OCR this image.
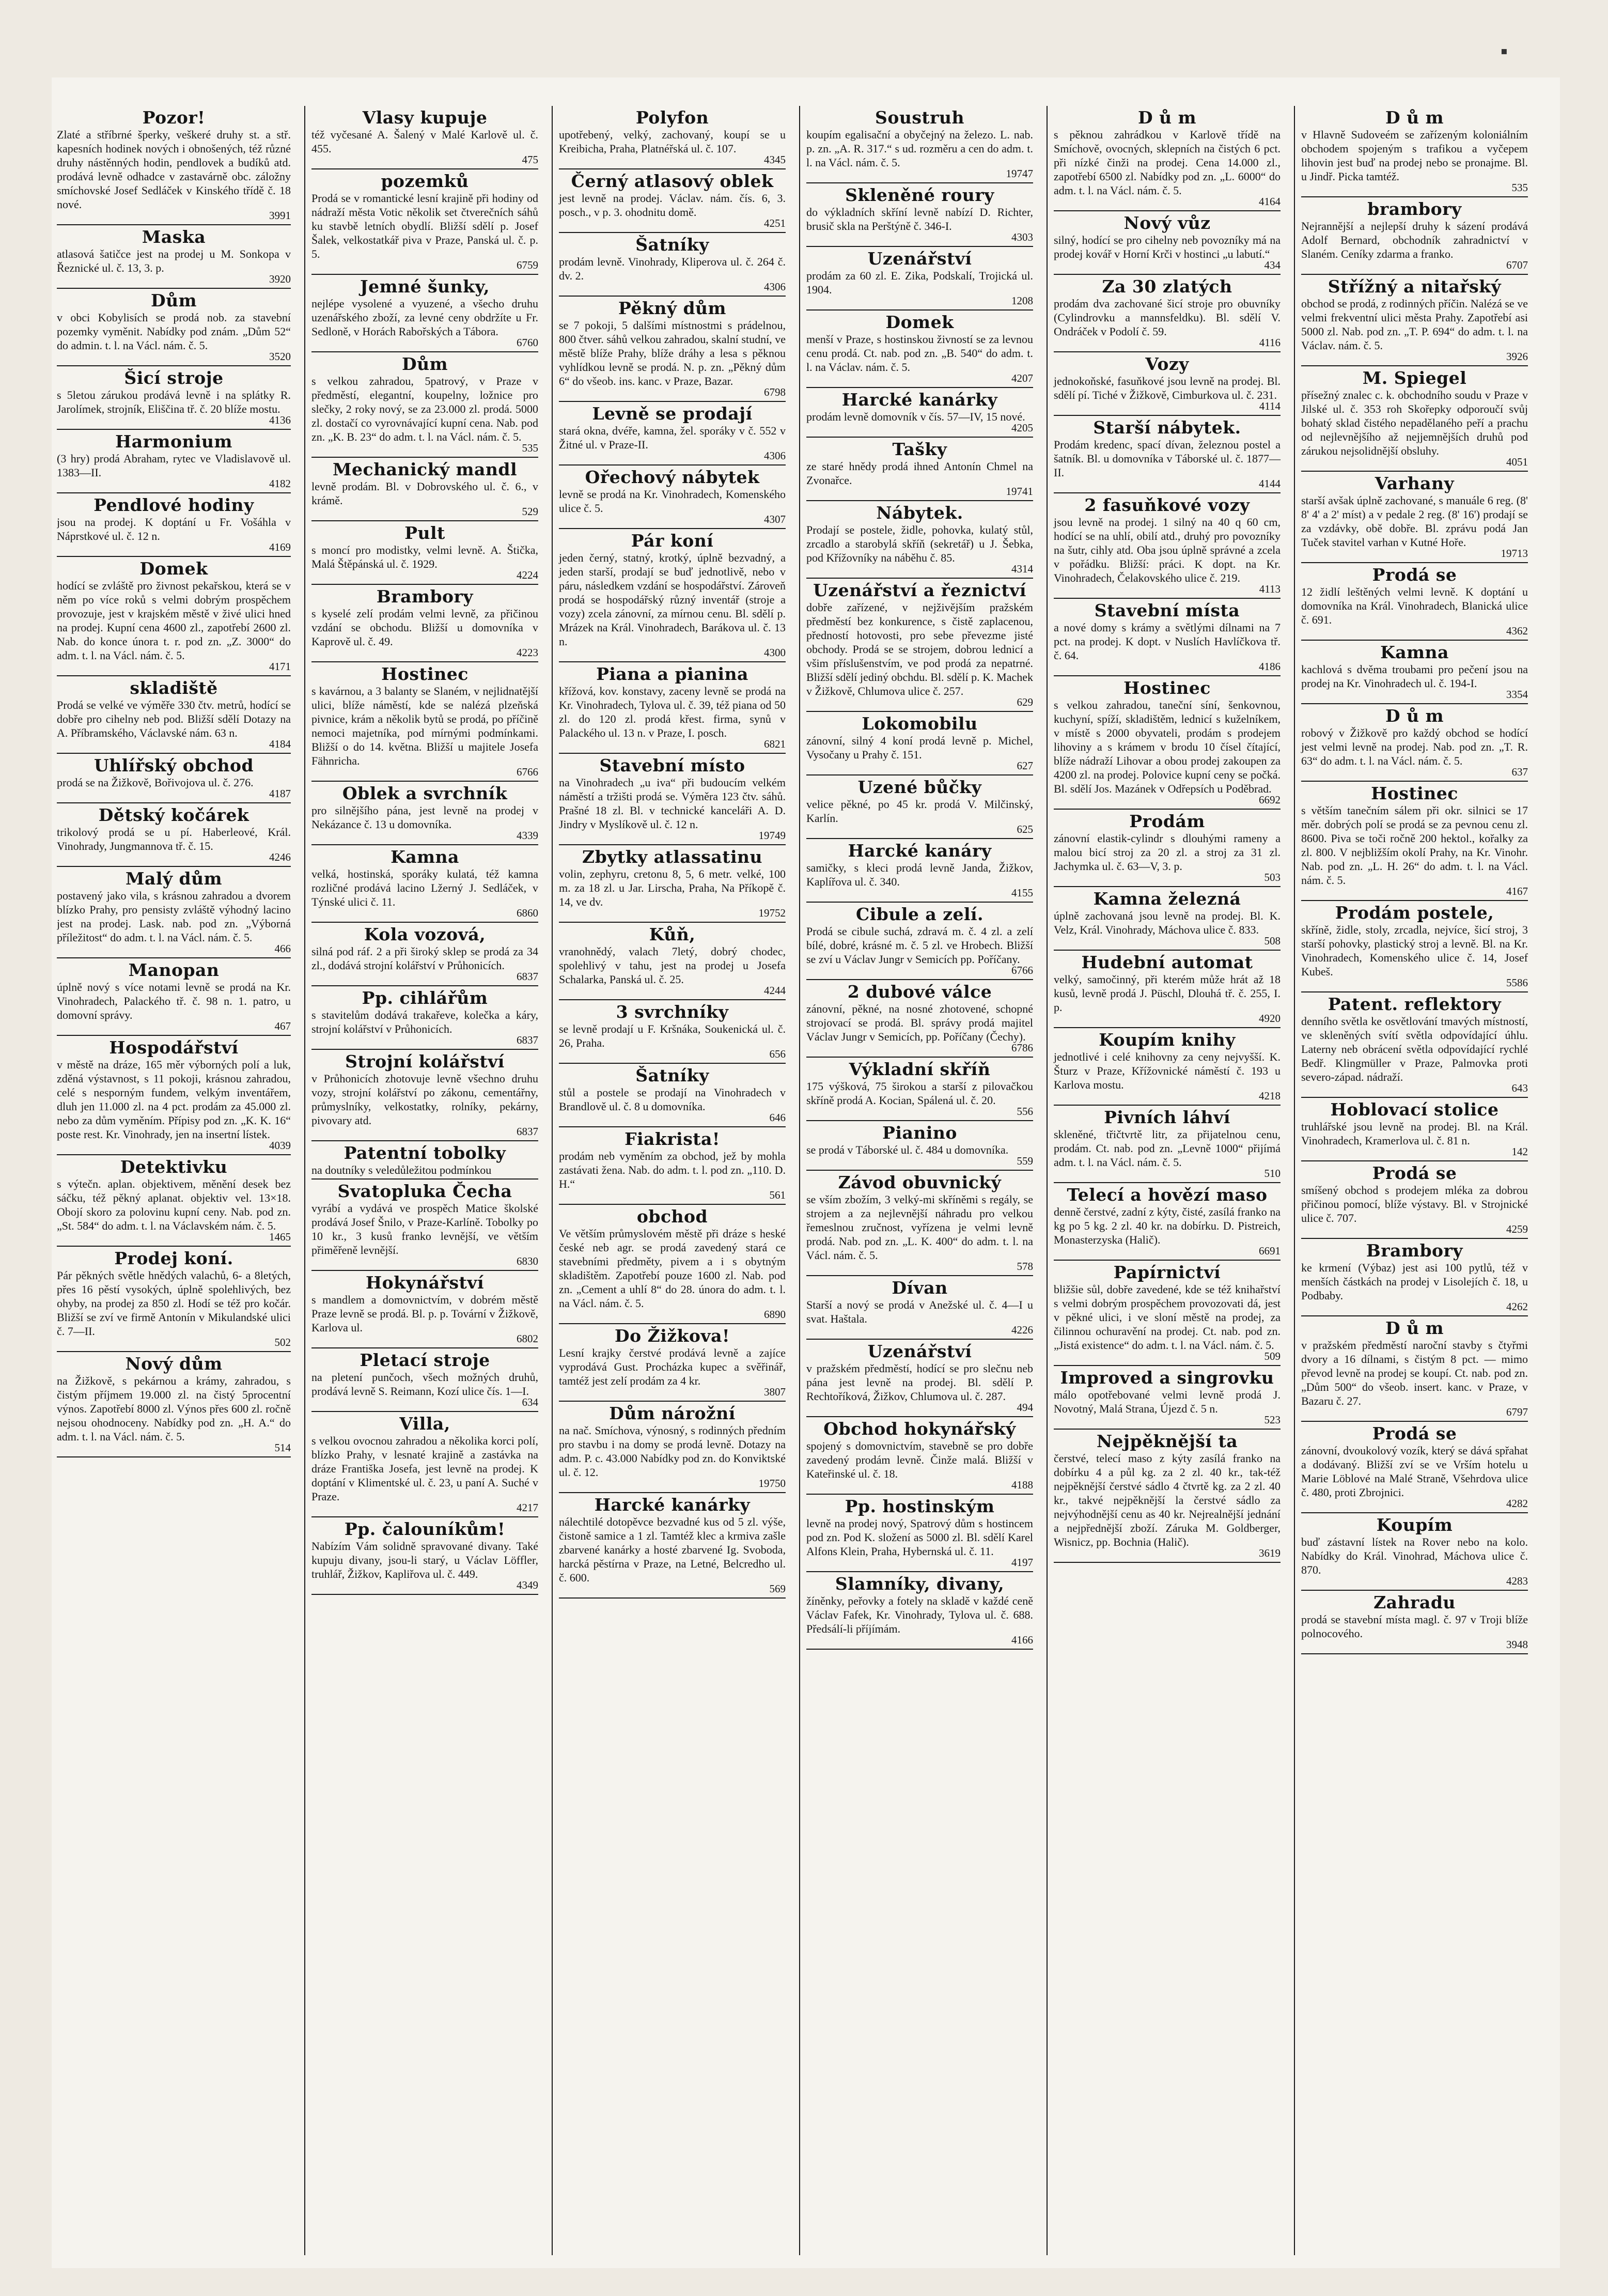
▪
Pozor!
Zlaté a stříbrné šperky, veškeré druhy st. a stř. kapesních hodinek nových i obnošených, též různé druhy nástěnných hodin, pendlovek a budíků atd. prodává levně odhadce v zastavárně obc. záložny smíchovské Josef Sedláček v Kinského třídě č. 18 nové.
3991
Maska
atlasová šatičce jest na prodej u M. Sonkopa v Řeznické ul. č. 13, 3. p.
3920
Dům
v obci Kobylisích se prodá nob. za stavební pozemky vyměnit. Nabídky pod znám. „Dům 52“ do admin. t. l. na Václ. nám. č. 5.
3520
Šicí stroje
s 5letou zárukou prodává levně i na splátky R. Jarolímek, strojník, Eliščina tř. č. 20 blíže mostu.
4136
Harmonium
(3 hry) prodá Abraham, rytec ve Vladislavově ul. 1383—II.
4182
Pendlové hodiny
jsou na prodej. K doptání u Fr. Vošáhla v Náprstkové ul. č. 12 n.
4169
Domek
hodící se zvláště pro živnost pekařskou, která se v něm po více roků s velmi dobrým prospěchem provozuje, jest v krajském městě v živé ulici hned na prodej. Kupní cena 4600 zl., zapotřebí 2600 zl. Nab. do konce února t. r. pod zn. „Z. 3000“ do adm. t. l. na Václ. nám. č. 5.
4171
skladiště
Prodá se velké ve výměře 330 čtv. metrů, hodící se dobře pro cihelny neb pod. Bližší sdělí Dotazy na A. Příbramského, Václavské nám. 63 n.
4184
Uhlířský obchod
prodá se na Žižkově, Bořivojova ul. č. 276.
4187
Dětský kočárek
trikolový prodá se u pí. Haberleové, Král. Vinohrady, Jungmannova tř. č. 15.
4246
Malý dům
postavený jako vila, s krásnou zahradou a dvorem blízko Prahy, pro pensisty zvláště výhodný lacino jest na prodej. Lask. nab. pod zn. „Výborná příležitost“ do adm. t. l. na Václ. nám. č. 5.
466
Manopan
úplně nový s více notami levně se prodá na Kr. Vinohradech, Palackého tř. č. 98 n. 1. patro, u domovní správy.
467
Hospodářství
v městě na dráze, 165 měr výborných polí a luk, zděná výstavnost, s 11 pokoji, krásnou zahradou, celé s nesporným fundem, velkým inventářem, dluh jen 11.000 zl. na 4 pct. prodám za 45.000 zl. nebo za dům vyměním. Přípisy pod zn. „K. K. 16“ poste rest. Kr. Vinohrady, jen na insertní lístek.
4039
Detektivku
s výtečn. aplan. objektivem, měnění desek bez sáčku, též pěkný aplanat. objektiv vel. 13×18. Obojí skoro za polovinu kupní ceny. Nab. pod zn. „St. 584“ do adm. t. l. na Václavském nám. č. 5.
1465
Prodej koní.
Pár pěkných světle hnědých valachů, 6- a 8letých, přes 16 pěstí vysokých, úplně spolehlivých, bez ohyby, na prodej za 850 zl. Hodí se též pro kočár. Bližší se zví ve firmě Antonín v Mikulandské ulici č. 7—II.
502
Nový dům
na Žižkově, s pekárnou a krámy, zahradou, s čistým příjmem 19.000 zl. na čistý 5procentní výnos. Zapotřebí 8000 zl. Výnos přes 600 zl. ročně nejsou ohodnoceny. Nabídky pod zn. „H. A.“ do adm. t. l. na Václ. nám. č. 5.
514
Vlasy kupuje
též vyčesané A. Šalený v Malé Karlově ul. č. 455.
475
pozemků
Prodá se v romantické lesní krajině při hodiny od nádraží města Votic několik set čtverečních sáhů ku stavbě letních obydlí. Bližší sdělí p. Josef Šalek, velkostatkář piva v Praze, Panská ul. č. p. 5.
6759
Jemné šunky,
nejlépe vysolené a vyuzené, a všecho druhu uzenářského zboží, za levné ceny obdržíte u Fr. Sedloně, v Horách Rabořských a Tábora.
6760
Dům
s velkou zahradou, 5patrový, v Praze v předměstí, elegantní, koupelny, ložnice pro slečky, 2 roky nový, se za 23.000 zl. prodá. 5000 zl. dostačí co vyrovnávající kupní cena. Nab. pod zn. „K. B. 23“ do adm. t. l. na Václ. nám. č. 5.
535
Mechanický mandl
levně prodám. Bl. v Dobrovského ul. č. 6., v krámě.
529
Pult
s moncí pro modistky, velmi levně. A. Štička, Malá Štěpánská ul. č. 1929.
4224
Brambory
s kyselé zelí prodám velmi levně, za přičinou vzdání se obchodu. Bližší u domovníka v Kaprově ul. č. 49.
4223
Hostinec
s kavárnou, a 3 balanty se Slaném, v nejlidnatější ulici, blíže náměstí, kde se nalézá plzeňská pivnice, krám a několik bytů se prodá, po příčině nemoci majetníka, pod mírnými podmínkami. Bližší o do 14. května. Bližší u majitele Josefa Fähnricha.
6766
Oblek a svrchník
pro silnějšího pána, jest levně na prodej v Nekázance č. 13 u domovníka.
4339
Kamna
velká, hostinská, sporáky kulatá, též kamna rozličné prodává lacino Lžerný J. Sedláček, v Týnské ulici č. 11.
6860
Kola vozová,
silná pod ráf. 2 a při široký sklep se prodá za 34 zl., dodává strojní kolářství v Průhonicích.
6837
Pp. cihlářům
s stavitelům dodává trakařeve, kolečka a káry, strojní kolářství v Průhonicích.
6837
Strojní kolářství
v Průhonicích zhotovuje levně všechno druhu vozy, strojní kolářství po zákonu, cementářny, průmyslníky, velkostatky, rolníky, pekárny, pivovary atd.
6837
Patentní tobolky
na doutníky s veledůležitou podmínkou
Svatoplukа Čecha
vyrábí a vydává ve prospěch Matice školské prodává Josef Šnilo, v Praze-Karlíně. Tobolky po 10 kr., 3 kusů franko levnější, ve větším přiměřeně levnější.
6830
Hokynářství
s mandlem a domovnictvím, v dobrém městě Praze levně se prodá. Bl. p. p. Tovární v Žižkově, Karlova ul.
6802
Pletací stroje
na pletení punčoch, všech možných druhů, prodává levně S. Reimann, Kozí ulice čís. 1—I.
634
Villa,
s velkou ovocnou zahradou a několika korci polí, blízko Prahy, v lesnaté krajině a zastávka na dráze Františka Josefa, jest levně na prodej. K doptání v Klimentské ul. č. 23, u paní A. Suché v Praze.
4217
Pp. čalouníkům!
Nabízím Vám solidně spravované divany. Také kupuju divany, jsou-li starý, u Václav Löffler, truhlář, Žižkov, Kapliřova ul. č. 449.
4349
Polyfon
upotřebený, velký, zachovaný, koupí se u Kreibicha, Praha, Platnéřská ul. č. 107.
4345
Černý atlasový oblek
jest levně na prodej. Václav. nám. čís. 6, 3. posch., v p. 3. ohodnitu domě.
4251
Šatníky
prodám levně. Vinohrady, Kliperova ul. č. 264 č. dv. 2.
4306
Pěkný dům
se 7 pokoji, 5 dalšími místnostmi s prádelnou, 800 čtver. sáhů velkou zahradou, skalní studní, ve městě blíže Prahy, blíže dráhy a lesa s pěknou vyhlídkou levně se prodá. N. p. zn. „Pěkný dům 6“ do všeob. ins. kanc. v Praze, Bazar.
6798
Levně se prodají
stará okna, dvéře, kamna, žel. sporáky v č. 552 v Žitné ul. v Praze-II.
4306
Ořechový nábytek
levně se prodá na Kr. Vinohradech, Komenského ulice č. 5.
4307
Pár koní
jeden černý, statný, krotký, úplně bezvadný, a jeden starší, prodají se buď jednotlivě, nebo v páru, následkem vzdání se hospodářství. Zároveň prodá se hospodářský různý inventář (stroje a vozy) zcela zánovní, za mírnou cenu. Bl. sdělí p. Mrázek na Král. Vinohradech, Barákova ul. č. 13 n.
4300
Piana a pianina
křížová, kov. konstavy, zaceny levně se prodá na Kr. Vinohradech, Tylova ul. č. 39, též piana od 50 zl. do 120 zl. prodá křest. firma, synů v Palackého ul. 13 n. v Praze, I. posch.
6821
Stavební místo
na Vinohradech „u iva“ při budoucím velkém náměstí a tržišti prodá se. Výměra 123 čtv. sáhů. Prašné 18 zl. Bl. v technické kanceláři A. D. Jindry v Myslíkově ul. č. 12 n.
19749
Zbytky atlassatinu
volin, zephyru, cretonu 8, 5, 6 metr. velké, 100 m. za 18 zl. u Jar. Lirscha, Praha, Na Příkopě č. 14, ve dv.
19752
Kůň,
vranohnědý, valach 7letý, dobrý chodec, spolehlivý v tahu, jest na prodej u Josefa Schalarka, Panská ul. č. 25.
4244
3 svrchníky
se levně prodají u F. Kršnáka, Soukenická ul. č. 26, Praha.
656
Šatníky
stůl a postele se prodají na Vinohradech v Brandlově ul. č. 8 u domovníka.
646
Fiakrista!
prodám neb vyměním za obchod, jež by mohla zastávati žena. Nab. do adm. t. l. pod zn. „110. D. H.“
561
obchod
Ve větším průmyslovém městě při dráze s heské české neb agr. se prodá zavedený stará ce stavebními předměty, pivem a i s obytným skladištěm. Zapotřebí pouze 1600 zl. Nab. pod zn. „Cement a uhlí 8“ do 28. února do adm. t. l. na Václ. nám. č. 5.
6890
Do Žižkova!
Lesní krajky čerstvé prodává levně a zajíce vyprodává Gust. Procházka kupec a svěřinář, tamtéž jest zelí prodám za 4 kr.
3807
Dům nárožní
na nač. Smíchova, výnosný, s rodinných předním pro stavbu i na domy se prodá levně. Dotazy na adm. P. c. 43.000 Nabídky pod zn. do Konviktské ul. č. 12.
19750
Harcké kanárky
nálechtilé dotopěvce bezvadné kus od 5 zl. výše, čistoně samice a 1 zl. Tamtéž klec a krmiva zašle zbarvené kanárky a hosté zbarvené Ig. Svoboda, harcká pěstírna v Praze, na Letné, Belcredho ul. č. 600.
569
Soustruh
koupím egalisační a obyčejný na železo. L. nab. p. zn. „A. R. 317.“ s ud. rozměru a cen do adm. t. l. na Václ. nám. č. 5.
19747
Skleněné roury
do výkladních skříní levně nabízí D. Richter, brusič skla na Perštýně č. 346-I.
4303
Uzenářství
prodám za 60 zl. E. Zika, Podskalí, Trojická ul. 1904.
1208
Domek
menší v Praze, s hostinskou živností se za levnou cenu prodá. Ct. nab. pod zn. „B. 540“ do adm. t. l. na Václav. nám. č. 5.
4207
Harcké kanárky
prodám levně domovník v čís. 57—IV, 15 nové.
4205
Tašky
ze staré hnědy prodá ihned Antonín Chmel na Zvonařce.
19741
Nábytek.
Prodají se postele, židle, pohovka, kulatý stůl, zrcadlo a starobylá skříň (sekretář) u J. Šebka, pod Křížovníky na náběhu č. 85.
4314
Uzenářství a řeznictví
dobře zařízené, v nejživějším pražském předměstí bez konkurence, s čistě zaplacenou, předností hotovosti, pro sebe převezme jisté obchody. Prodá se se strojem, dobrou lednicí a všim příslušenstvím, ve pod prodá za nepatrné. Bližší sdělí jediný obchdu. Bl. sdělí p. K. Machek v Žižkově, Chlumova ulice č. 257.
629
Lokomobilu
zánovní, silný 4 koní prodá levně p. Michel, Vysočany u Prahy č. 151.
627
Uzené bůčky
velice pěkné, po 45 kr. prodá V. Milčinský, Karlín.
625
Harcké kanáry
samičky, s kleci prodá levně Janda, Žižkov, Kaplířova ul. č. 340.
4155
Cibule a zelí.
Prodá se cibule suchá, zdravá m. č. 4 zl. a zelí bílé, dobré, krásné m. č. 5 zl. ve Hrobech. Bližší se zví u Václav Jungr v Semicích pp. Poříčany.
6766
2 dubové válce
zánovní, pěkné, na nosné zhotovené, schopné strojovací se prodá. Bl. správy prodá majitel Václav Jungr v Semicích, pp. Poříčany (Čechy).
6786
Výkladní skříň
175 výšková, 75 širokou a starší z pilovačkou skříně prodá A. Kocian, Spálená ul. č. 20.
556
Pianino
se prodá v Táborské ul. č. 484 u domovníka.
559
Závod obuvnický
se vším zbožím, 3 velký-mi skříněmi s regály, se strojem a za nejlevnější náhradu pro velkou řemeslnou zručnost, vyřízena je velmi levně prodá. Nab. pod zn. „L. K. 400“ do adm. t. l. na Václ. nám. č. 5.
578
Dívan
Starší a nový se prodá v Anežské ul. č. 4—I u svat. Haštala.
4226
Uzenářství
v pražském předměstí, hodící se pro slečnu neb pána jest levně na prodej. Bl. sdělí P. Rechtoříková, Žižkov, Chlumova ul. č. 287.
494
Obchod hokynářský
spojený s domovnictvím, stavebně se pro dobře zavedený prodám levně. Činže malá. Bližší v Kateřinské ul. č. 18.
4188
Pp. hostinským
levně na prodej nový, Spatrový dům s hostincem pod zn. Pod K. složení as 5000 zl. Bl. sdělí Karel Alfons Klein, Praha, Hybernská ul. č. 11.
4197
Slamníky, divany,
žíněnky, peřovky a fotely na skladě v každé ceně Václav Fafek, Kr. Vinohrady, Tylova ul. č. 688. Předsálí-li příjímám.
4166
D ů m
s pěknou zahrádkou v Karlově třídě na Smíchově, ovocných, sklepních na čistých 6 pct. při nízké činži na prodej. Cena 14.000 zl., zapotřebí 6500 zl. Nabídky pod zn. „L. 6000“ do adm. t. l. na Václ. nám. č. 5.
4164
Nový vůz
silný, hodící se pro cihelny neb povozníky má na prodej kovář v Horní Krči v hostinci „u labutí.“
434
Za 30 zlatých
prodám dva zachované šicí stroje pro obuvníky (Cylindrovku a mannsfeldku). Bl. sdělí V. Ondráček v Podolí č. 59.
4116
Vozy
jednokoňské, fasuňkové jsou levně na prodej. Bl. sdělí pí. Tiché v Žižkově, Cimburkova ul. č. 231.
4114
Starší nábytek.
Prodám kredenc, spací dívan, železnou postel a šatník. Bl. u domovníka v Táborské ul. č. 1877—II.
4144
2 fasuňkové vozy
jsou levně na prodej. 1 silný na 40 q 60 cm, hodící se na uhlí, obilí atd., druhý pro povozníky na šutr, cihly atd. Oba jsou úplně správné a zcela v pořádku. Bližší: práci. K dopt. na Kr. Vinohradech, Čelakovského ulice č. 219.
4113
Stavební místa
a nové domy s krámy a světlými dílnami na 7 pct. na prodej. K dopt. v Nuslích Havlíčkova tř. č. 64.
4186
Hostinec
s velkou zahradou, taneční síní, šenkovnou, kuchyní, spíží, skladištěm, lednicí s kuželníkem, v místě s 2000 obyvateli, prodám s prodejem lihoviny a s krámem v brodu 10 čísel čítající, blíže nádraží Lihovar a obou prodej zakoupen za 4200 zl. na prodej. Polovice kupní ceny se počká. Bl. sdělí Jos. Mazánek v Odřepsích u Poděbrad.
6692
Prodám
zánovní elastik-cylindr s dlouhými rameny a malou bicí stroj za 20 zl. a stroj za 31 zl. Jachymka ul. č. 63—V, 3. p.
503
Kamna železná
úplně zachovaná jsou levně na prodej. Bl. K. Velz, Král. Vinohrady, Máchova ulice č. 833.
508
Hudební automat
velký, samočinný, při kterém může hrát až 18 kusů, levně prodá J. Püschl, Dlouhá tř. č. 255, I. p.
4920
Koupím knihy
jednotlivé i celé knihovny za ceny nejvyšší. K. Šturz v Praze, Křížovnické náměstí č. 193 u Karlova mostu.
4218
Pivních láhví
skleněné, třičtvrtě litr, za přijatelnou cenu, prodám. Ct. nab. pod zn. „Levně 1000“ přijímá adm. t. l. na Václ. nám. č. 5.
510
Telecí a hovězí maso
denně čerstvé, zadní z kýty, čisté, zasílá franko na kg po 5 kg. 2 zl. 40 kr. na dobírku. D. Pistreich, Monasterzyska (Halič).
6691
Papírnictví
bližšie sůl, dobře zavedené, kde se též knihařství s velmi dobrým prospěchem provozovati dá, jest v pěkné ulici, i ve sloní městě na prodej, za čilinnou ochuravění na prodej. Ct. nab. pod zn. „Jistá existence“ do adm. t. l. na Václ. nám. č. 5.
509
Improved a singrovku
málo opotřebované velmi levně prodá J. Novotný, Malá Strana, Újezd č. 5 n.
523
Nejpěknější ta
čerstvé, telecí maso z kýty zasílá franko na dobírku 4 a půl kg. za 2 zl. 40 kr., tak-též nejpěknější čerstvé sádlo 4 čtvrtě kg. za 2 zl. 40 kr., takvé nejpěknější la čerstvé sádlo za nejvýhodnější cenu as 40 kr. Nejrealnější jednání a nejpřednější zboží. Záruka M. Goldberger, Wisnicz, pp. Bochnia (Halič).
3619
D ů m
v Hlavně Sudoveém se zařízeným koloniálním obchodem spojeným s trafikou a vyčepem lihovin jest buď na prodej nebo se pronajme. Bl. u Jindř. Picka tamtéž.
535
brambory
Nejrannější a nejlepší druhy k sázení prodává Adolf Bernard, obchodník zahradnictví v Slaném. Ceníky zdarma a franko.
6707
Střížný a nitařský
obchod se prodá, z rodinných příčin. Nalézá se ve velmi frekventní ulici města Prahy. Zapotřebí asi 5000 zl. Nab. pod zn. „T. P. 694“ do adm. t. l. na Václav. nám. č. 5.
3926
M. Spiegel
přísežný znalec c. k. obchodního soudu v Praze v Jilské ul. č. 353 roh Skořepky odporoučí svůj bohatý sklad čistého nepadělaného peří a prachu od nejlevnějšího až nejjemnějších druhů pod zárukou nejsolidnější obsluhy.
4051
Varhany
starší avšak úplně zachované, s manuále 6 reg. (8' 8' 4' a 2' míst) a v pedale 2 reg. (8' 16') prodají se za vzdávky, obě dobře. Bl. zprávu podá Jan Tuček stavitel varhan v Kutné Hoře.
19713
Prodá se
12 židlí leštěných velmi levně. K doptání u domovníka na Král. Vinohradech, Blanická ulice č. 691.
4362
Kamna
kachlová s dvěma troubami pro pečení jsou na prodej na Kr. Vinohradech ul. č. 194-I.
3354
D ů m
robový v Žižkově pro každý obchod se hodící jest velmi levně na prodej. Nab. pod zn. „T. R. 63“ do adm. t. l. na Václ. nám. č. 5.
637
Hostinec
s větším tanečním sálem při okr. silnici se 17 měr. dobrých polí se prodá se za pevnou cenu zl. 8600. Piva se toči ročně 200 hektol., kořalky za zl. 800. V nejbližším okolí Prahy, na Kr. Vinohr. Nab. pod zn. „L. H. 26“ do adm. t. l. na Václ. nám. č. 5.
4167
Prodám postele,
skříně, židle, stoly, zrcadla, nejvíce, šicí stroj, 3 starší pohovky, plastický stroj a levně. Bl. na Kr. Vinohradech, Komenského ulice č. 14, Josef Kubeš.
5586
Patent. reflektory
denního světla ke osvětlování tmavých místností, ve skleněných svítí světla odpovídající úhlu. Laterny neb obrácení světla odpovídající rychlé Bedř. Klingmüller v Praze, Palmovka proti severo-západ. nádraží.
643
Hoblovací stolice
truhlářské jsou levně na prodej. Bl. na Král. Vinohradech, Kramerlova ul. č. 81 n.
142
Prodá se
smíšený obchod s prodejem mléka za dobrou přičinou pomocí, blíže výstavy. Bl. v Strojnické ulice č. 707.
4259
Brambory
ke krmení (Výbaz) jest asi 100 pytlů, též v menších částkách na prodej v Lisolejích č. 18, u Podbaby.
4262
D ů m
v pražském předměstí naroční stavby s čtyřmi dvory a 16 dílnami, s čistým 8 pct. — mimo převod levně na prodej se koupí. Ct. nab. pod zn. „Dům 500“ do všeob. insert. kanc. v Praze, v Bazaru č. 27.
6797
Prodá se
zánovní, dvoukolový vozík, který se dává spřahat a dodávaný. Bližší zví se ve Vrším hotelu u Marie Löblové na Malé Straně, Všehrdova ulice č. 480, proti Zbrojnici.
4282
Koupím
buď zástavní lístek na Rover nebo na kolo. Nabídky do Král. Vinohrad, Máchova ulice č. 870.
4283
Zahradu
prodá se stavební místa magl. č. 97 v Troji blíže polnocového.
3948
